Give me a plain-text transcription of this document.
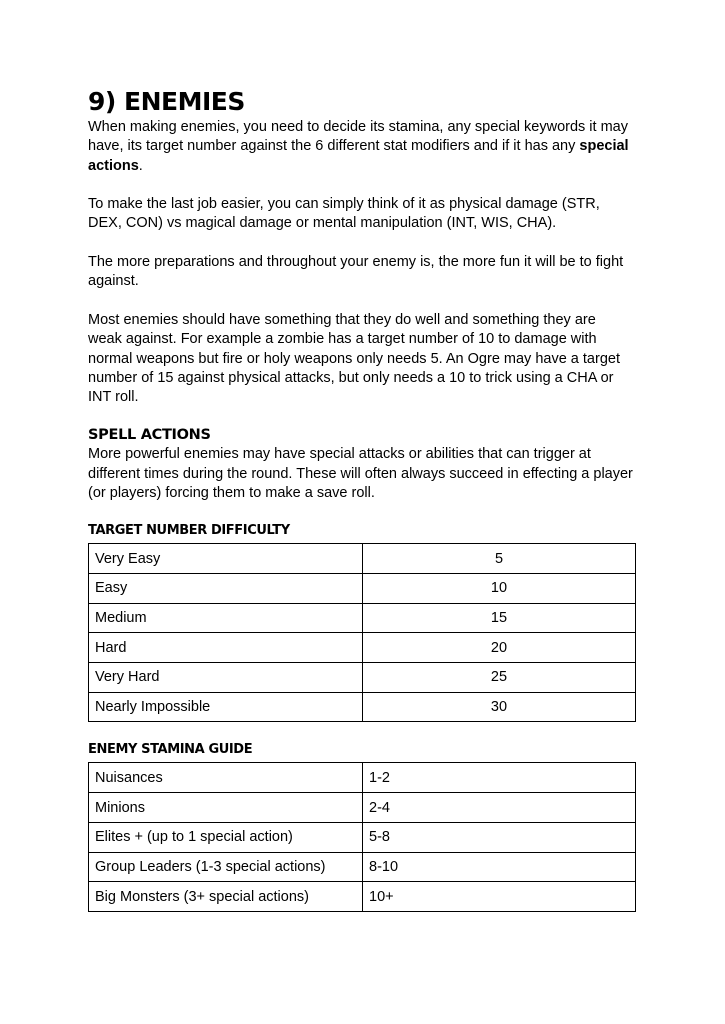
9) ENEMIES

When making enemies, you need to decide its stamina, any special keywords it may

have, its target number against the 6 different stat modifiers and if it has any special

actions.

To make the last job easier, you can simply think of it as physical damage (STR,

DEX, CON) vs magical damage or mental manipulation (INT, WIS, CHA).

The more preparations and throughout your enemy is, the more fun it will be to fight

against.

Most enemies should have something that they do well and something they are

weak against. For example a zombie has a target number of 10 to damage with

normal weapons but fire or holy weapons only needs 5. An Ogre may have a target

number of 15 against physical attacks, but only needs a 10 to trick using a CHA or

INT roll.

SPELL ACTIONS

More powerful enemies may have special attacks or abilities that can trigger at

different times during the round. These will often always succeed in effecting a player

(or players) forcing them to make a save roll.

TARGET NUMBER DIFFICULTY
Very Easy	5
Easy	10
Medium	15
Hard	20
Very Hard	25
Nearly Impossible	30
ENEMY STAMINA GUIDE
Nuisances	1-2
Minions	2-4
Elites + (up to 1 special action)	5-8
Group Leaders (1-3 special actions)	8-10
Big Monsters (3+ special actions)	10+
